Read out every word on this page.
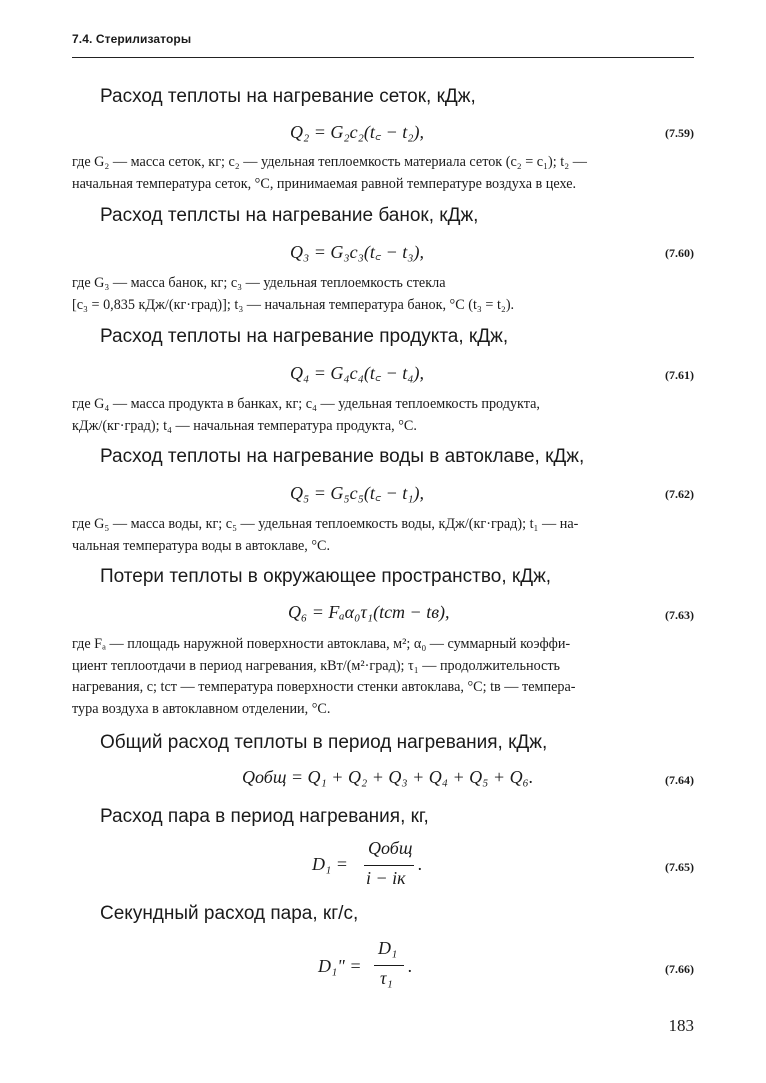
7.4. Стерилизаторы
Расход теплоты на нагревание сеток, кДж,
Q₂ = G₂c₂(t꜀ − t₂),	(7.59)
где G₂ — масса сеток, кг; c₂ — удельная теплоемкость материала сеток (c₂ = c₁); t₂ —
начальная температура сеток, °C, принимаемая равной температуре воздуха в цехе.
Расход теплсты на нагревание банок, кДж,
Q₃ = G₃c₃(t꜀ − t₃),	(7.60)
где G₃ — масса банок, кг; c₃ — удельная теплоемкость стекла
[c₃ = 0,835 кДж/(кг·град)]; t₃ — начальная температура банок, °C (t₃ = t₂).
Расход теплоты на нагревание продукта, кДж,
Q₄ = G₄c₄(t꜀ − t₄),	(7.61)
где G₄ — масса продукта в банках, кг; c₄ — удельная теплоемкость продукта,
кДж/(кг·град); t₄ — начальная температура продукта, °C.
Расход теплоты на нагревание воды в автоклаве, кДж,
Q₅ = G₅c₅(t꜀ − t₁),	(7.62)
где G₅ — масса воды, кг; c₅ — удельная теплоемкость воды, кДж/(кг·град); t₁ — на-
чальная температура воды в автоклаве, °C.
Потери теплоты в окружающее пространство, кДж,
Q₆ = Fₐα₀τ₁(tст − tв),	(7.63)
где Fₐ — площадь наружной поверхности автоклава, м²; α₀ — суммарный коэффи-
циент теплоотдачи в период нагревания, кВт/(м²·град); τ₁ — продолжительность
нагревания, с; tст — температура поверхности стенки автоклава, °C; tв — темпера-
тура воздуха в автоклавном отделении, °C.
Общий расход теплоты в период нагревания, кДж,
Qобщ = Q₁ + Q₂ + Q₃ + Q₄ + Q₅ + Q₆.	(7.64)
Расход пара в период нагревания, кг,
D₁ =
Qобщ
i − iк
.	(7.65)
Секундный расход пара, кг/с,
D₁" =
D₁
τ₁
.	(7.66)
183
